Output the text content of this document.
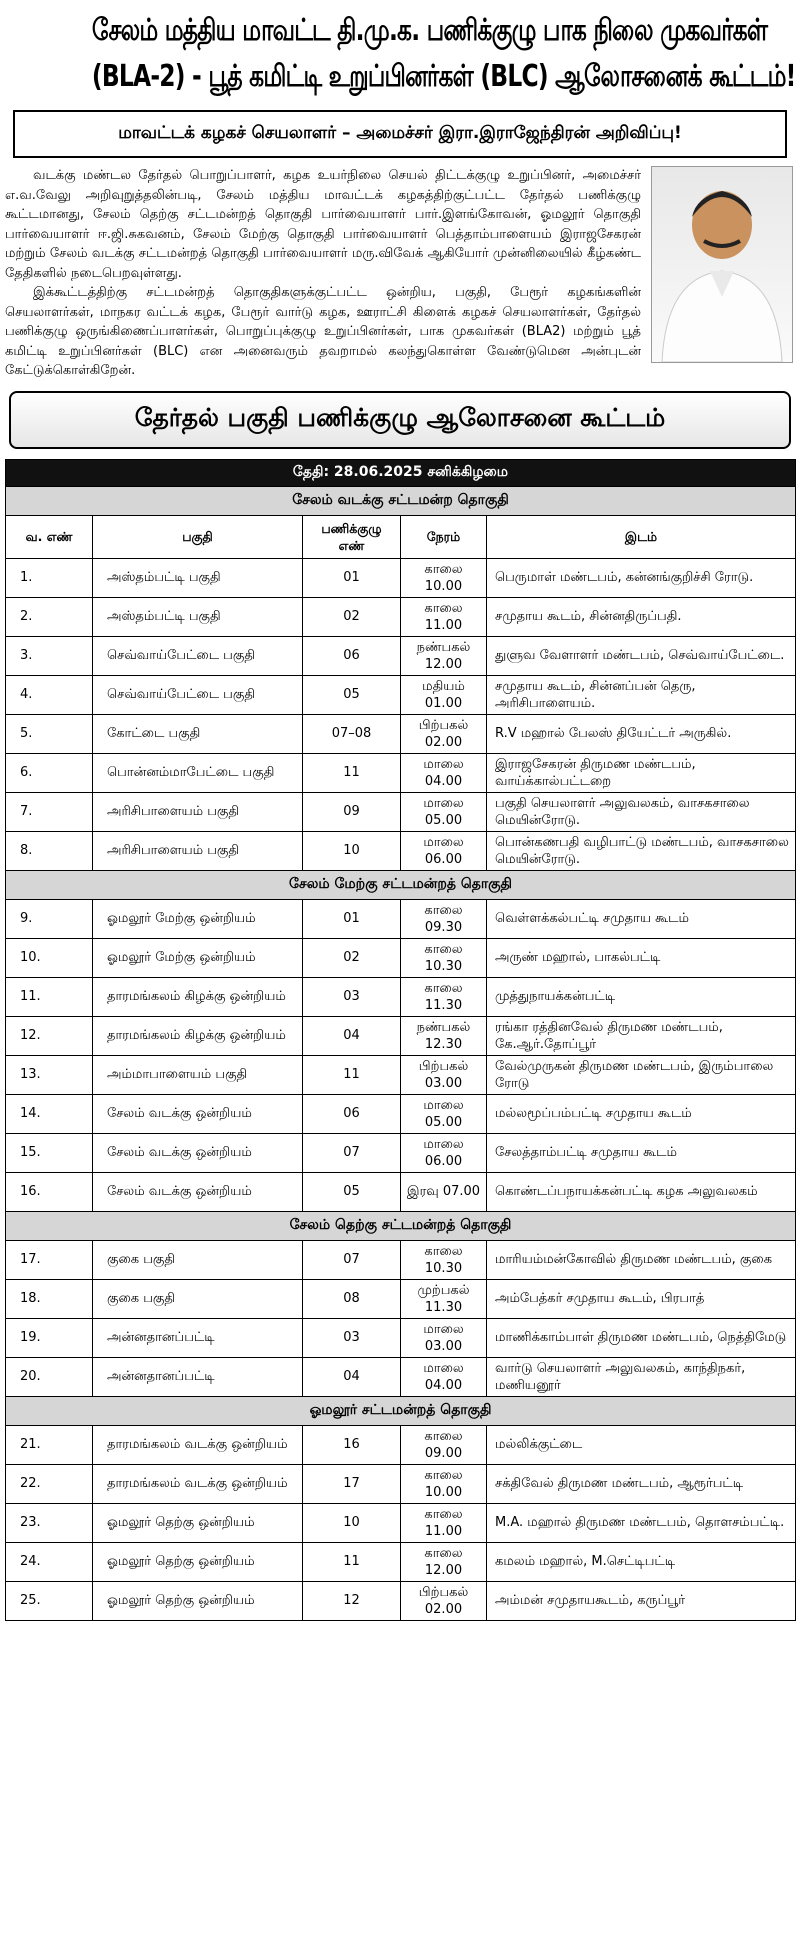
சேலம் மத்திய மாவட்ட தி.மு.க. பணிக்குழு பாக நிலை முகவர்கள்
(BLA-2) - பூத் கமிட்டி உறுப்பினர்கள் (BLC) ஆலோசனைக் கூட்டம்!
மாவட்டக் கழகச் செயலாளர் – அமைச்சர் இரா.இராஜேந்திரன் அறிவிப்பு!

வடக்கு மண்டல தேர்தல் பொறுப்பாளர், கழக உயர்நிலை செயல் திட்டக்குழு உறுப்பினர், அமைச்சர் எ.வ.வேலு அறிவுறுத்தலின்படி, சேலம் மத்திய மாவட்டக் கழகத்திற்குட்பட்ட தேர்தல் பணிக்குழு கூட்டமானது, சேலம் தெற்கு சட்டமன்றத் தொகுதி பார்வையாளர் பார்.இளங்கோவன், ஓமலூர் தொகுதி பார்வையாளர் ஈ.ஜி.சுகவனம், சேலம் மேற்கு தொகுதி பார்வையாளர் பெத்தாம்பாளையம் இராஜசேகரன் மற்றும் சேலம் வடக்கு சட்டமன்றத் தொகுதி பார்வையாளர் மரு.விவேக் ஆகியோர் முன்னிலையில் கீழ்கண்ட தேதிகளில் நடைபெறவுள்ளது.

இக்கூட்டத்திற்கு சட்டமன்றத் தொகுதிகளுக்குட்பட்ட ஒன்றிய, பகுதி, பேரூர் கழகங்களின் செயலாளர்கள், மாநகர வட்டக் கழக, பேரூர் வார்டு கழக, ஊராட்சி கிளைக் கழகச் செயலாளர்கள், தேர்தல் பணிக்குழு ஒருங்கிணைப்பாளர்கள், பொறுப்புக்குழு உறுப்பினர்கள், பாக முகவர்கள் (BLA2) மற்றும் பூத் கமிட்டி உறுப்பினர்கள் (BLC) என அனைவரும் தவறாமல் கலந்துகொள்ள வேண்டுமென அன்புடன் கேட்டுக்கொள்கிறேன்.

தேர்தல் பகுதி பணிக்குழு ஆலோசனை கூட்டம்
தேதி: 28.06.2025 சனிக்கிழமை				
சேலம் வடக்கு சட்டமன்ற தொகுதி				
வ. எண்	பகுதி	பணிக்குழு எண்	நேரம்	இடம்
1.	அஸ்தம்பட்டி பகுதி	01	காலை 10.00	பெருமாள் மண்டபம், கன்னங்குறிச்சி ரோடு.
2.	அஸ்தம்பட்டி பகுதி	02	காலை 11.00	சமுதாய கூடம், சின்னதிருப்பதி.
3.	செவ்வாய்பேட்டை பகுதி	06	நண்பகல் 12.00	துளுவ வேளாளர் மண்டபம், செவ்வாய்பேட்டை.
4.	செவ்வாய்பேட்டை பகுதி	05	மதியம் 01.00	சமுதாய கூடம், சின்னப்பன் தெரு, அரிசிபாளையம்.
5.	கோட்டை பகுதி	07–08	பிற்பகல் 02.00	R.V மஹால் பேலஸ் தியேட்டர் அருகில்.
6.	பொன்னம்மாபேட்டை பகுதி	11	மாலை 04.00	இராஜசேகரன் திருமண மண்டபம், வாய்க்கால்பட்டறை
7.	அரிசிபாளையம் பகுதி	09	மாலை 05.00	பகுதி செயலாளர் அலுவலகம், வாசகசாலை மெயின்ரோடு.
8.	அரிசிபாளையம் பகுதி	10	மாலை 06.00	பொன்கணபதி வழிபாட்டு மண்டபம், வாசகசாலை மெயின்ரோடு.
சேலம் மேற்கு சட்டமன்றத் தொகுதி				
9.	ஓமலூர் மேற்கு ஒன்றியம்	01	காலை 09.30	வெள்ளக்கல்பட்டி சமுதாய கூடம்
10.	ஓமலூர் மேற்கு ஒன்றியம்	02	காலை 10.30	அருண் மஹால், பாகல்பட்டி
11.	தாரமங்கலம் கிழக்கு ஒன்றியம்	03	காலை 11.30	முத்துநாயக்கன்பட்டி
12.	தாரமங்கலம் கிழக்கு ஒன்றியம்	04	நண்பகல் 12.30	ரங்கா ரத்தினவேல் திருமண மண்டபம், கே.ஆர்.தோப்பூர்
13.	அம்மாபாளையம் பகுதி	11	பிற்பகல் 03.00	வேல்முருகன் திருமண மண்டபம், இரும்பாலை ரோடு
14.	சேலம் வடக்கு ஒன்றியம்	06	மாலை 05.00	மல்லமூப்பம்பட்டி சமுதாய கூடம்
15.	சேலம் வடக்கு ஒன்றியம்	07	மாலை 06.00	சேலத்தாம்பட்டி சமுதாய கூடம்
16.	சேலம் வடக்கு ஒன்றியம்	05	இரவு 07.00	கொண்டப்பநாயக்கன்பட்டி கழக அலுவலகம்
சேலம் தெற்கு சட்டமன்றத் தொகுதி				
17.	குகை பகுதி	07	காலை 10.30	மாரியம்மன்கோவில் திருமண மண்டபம், குகை
18.	குகை பகுதி	08	முற்பகல் 11.30	அம்பேத்கர் சமுதாய கூடம், பிரபாத்
19.	அன்னதானப்பட்டி	03	மாலை 03.00	மாணிக்காம்பாள் திருமண மண்டபம், நெத்திமேடு
20.	அன்னதானப்பட்டி	04	மாலை 04.00	வார்டு செயலாளர் அலுவலகம், காந்திநகர், மணியனூர்
ஓமலூர் சட்டமன்றத் தொகுதி				
21.	தாரமங்கலம் வடக்கு ஒன்றியம்	16	காலை 09.00	மல்லிக்குட்டை
22.	தாரமங்கலம் வடக்கு ஒன்றியம்	17	காலை 10.00	சக்திவேல் திருமண மண்டபம், ஆரூர்பட்டி
23.	ஓமலூர் தெற்கு ஒன்றியம்	10	காலை 11.00	M.A. மஹால் திருமண மண்டபம், தொளசம்பட்டி.
24.	ஓமலூர் தெற்கு ஒன்றியம்	11	காலை 12.00	கமலம் மஹால், M.செட்டிபட்டி
25.	ஓமலூர் தெற்கு ஒன்றியம்	12	பிற்பகல் 02.00	அம்மன் சமுதாயகூடம், கருப்பூர்
